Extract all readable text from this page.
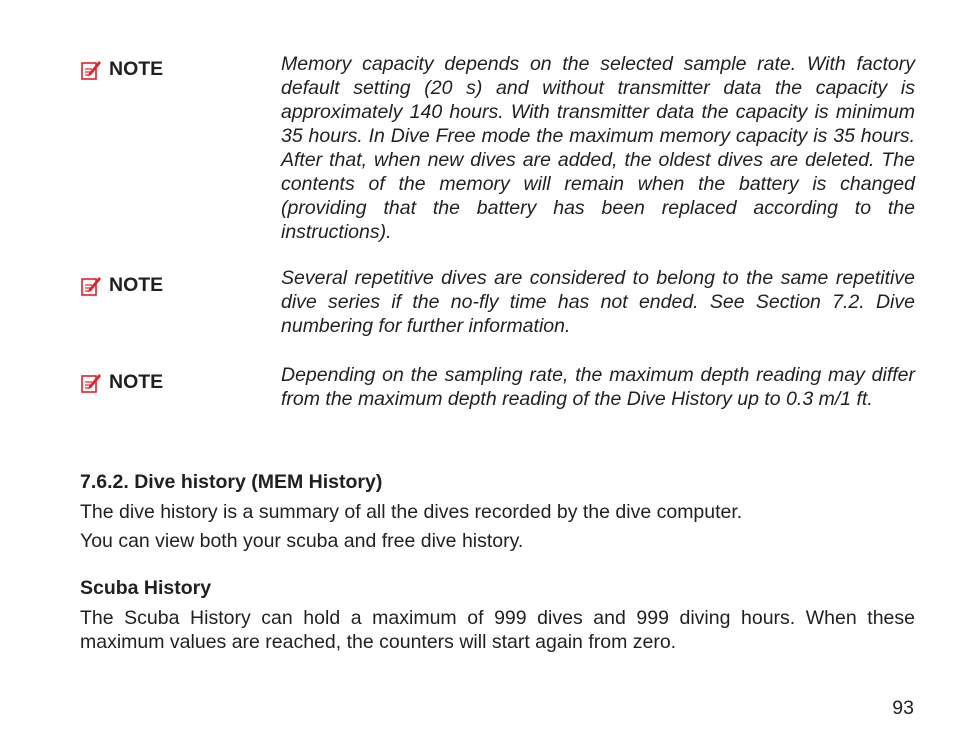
NOTE	Memory capacity depends on the selected sample rate. With factory default setting (20 s) and without transmitter data the capacity is approximately 140 hours. With transmitter data the capacity is minimum 35 hours. In Dive Free mode the maximum memory capacity is 35 hours. After that, when new dives are added, the oldest dives are deleted. The contents of the memory will remain when the battery is changed (providing that the battery has been replaced according to the instructions).

NOTE	Several repetitive dives are considered to belong to the same repetitive dive series if the no-fly time has not ended. See Section 7.2. Dive numbering for further information.

NOTE	Depending on the sampling rate, the maximum depth reading may differ from the maximum depth reading of the Dive History up to 0.3 m/1 ft.

7.6.2. Dive history (MEM History)

The dive history is a summary of all the dives recorded by the dive computer.

You can view both your scuba and free dive history.

Scuba History

The Scuba History can hold a maximum of 999 dives and 999 diving hours. When these maximum values are reached, the counters will start again from zero.

93
